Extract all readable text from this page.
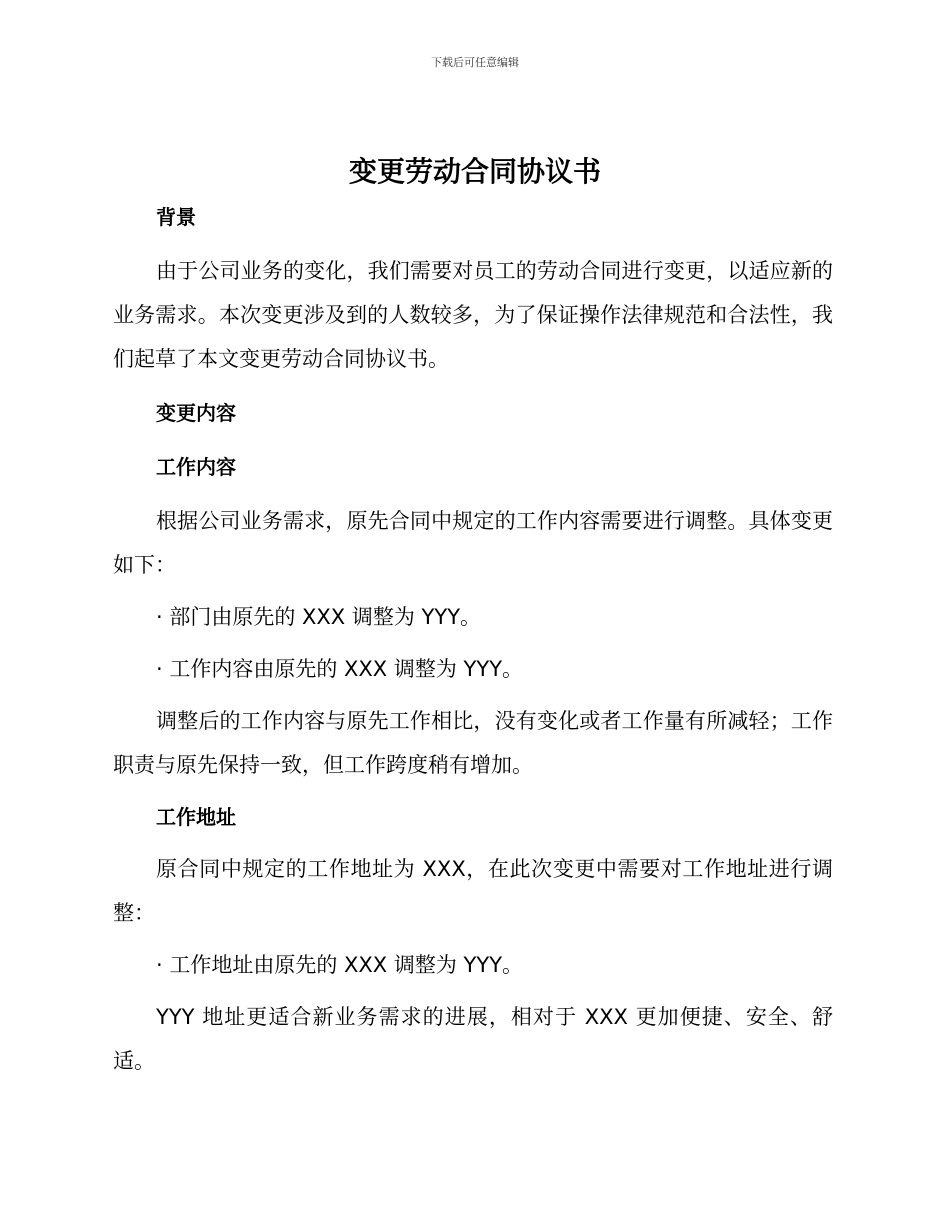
下载后可任意编辑
变更劳动合同协议书

背景

由于公司业务的变化，我们需要对员工的劳动合同进行变更，以适应新的业务需求。本次变更涉及到的人数较多，为了保证操作法律规范和合法性，我们起草了本文变更劳动合同协议书。

变更内容

工作内容

根据公司业务需求，原先合同中规定的工作内容需要进行调整。具体变更如下：

· 部门由原先的 XXX 调整为 YYY。

· 工作内容由原先的 XXX 调整为 YYY。

调整后的工作内容与原先工作相比，没有变化或者工作量有所减轻；工作职责与原先保持一致，但工作跨度稍有增加。

工作地址

原合同中规定的工作地址为 XXX，在此次变更中需要对工作地址进行调整：

· 工作地址由原先的 XXX 调整为 YYY。

YYY 地址更适合新业务需求的进展，相对于 XXX 更加便捷、安全、舒适。
